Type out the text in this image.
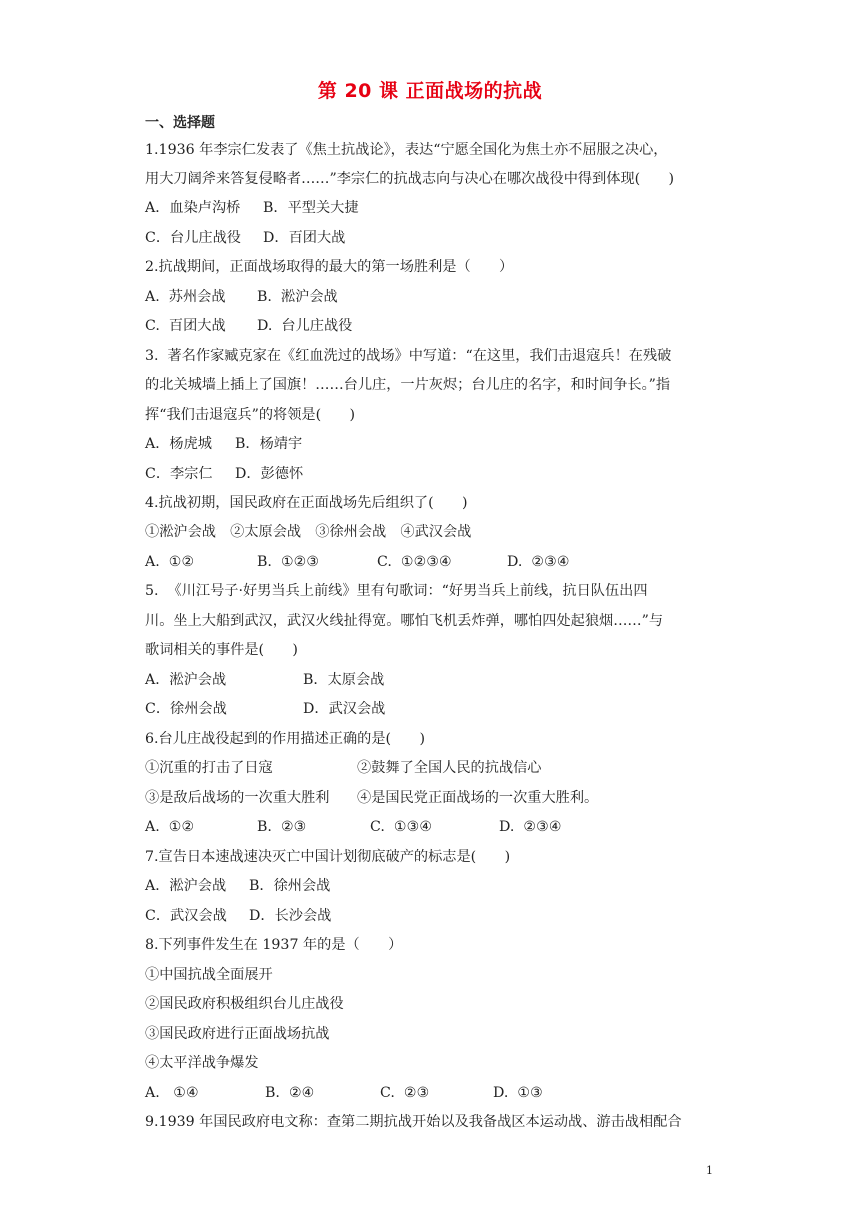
第 20 课 正面战场的抗战
一、选择题
1.1936 年李宗仁发表了《焦土抗战论》，表达“宁愿全国化为焦土亦不屈服之决心，
用大刀阔斧来答复侵略者……”李宗仁的抗战志向与决心在哪次战役中得到体现(　　)
A．血染卢沟桥 B．平型关大捷
C．台儿庄战役 D．百团大战
2.抗战期间，正面战场取得的最大的第一场胜利是（　　）
A.  苏州会战 B.  淞沪会战
C.  百团大战 D.  台儿庄战役
3.  著名作家臧克家在《红血洗过的战场》中写道：“在这里，我们击退寇兵！在残破
的北关城墙上插上了国旗！……台儿庄，一片灰烬；台儿庄的名字，和时间争长。”指
挥“我们击退寇兵”的将领是(　　)
A．杨虎城 B．杨靖宇
C．李宗仁 D．彭德怀
4.抗战初期，国民政府在正面战场先后组织了(　　)
①淞沪会战　②太原会战　③徐州会战　④武汉会战
A.  ①②	B.  ①②③	C.  ①②③④	D.  ②③④
5.  《川江号子·好男当兵上前线》里有句歌词：“好男当兵上前线，抗日队伍出四
川。坐上大船到武汉，武汉火线扯得宽。哪怕飞机丢炸弹，哪怕四处起狼烟……”与
歌词相关的事件是(　　)
A．淞沪会战	B．太原会战
C．徐州会战	D．武汉会战
6.台儿庄战役起到的作用描述正确的是(　　)
①沉重的打击了日寇	②鼓舞了全国人民的抗战信心
③是敌后战场的一次重大胜利 ④是国民党正面战场的一次重大胜利。
A.  ①②	B.  ②③	C.  ①③④	D.  ②③④
7.宣告日本速战速决灭亡中国计划彻底破产的标志是(　　)
A．淞沪会战 B．徐州会战
C．武汉会战 D．长沙会战
8.下列事件发生在 1937 年的是（　　）
①中国抗战全面展开
②国民政府积极组织台儿庄战役
③国民政府进行正面战场抗战
④太平洋战争爆发
A.   ①④	B.  ②④	C.  ②③	D.  ①③
9.1939 年国民政府电文称：查第二期抗战开始以及我备战区本运动战、游击战相配合
1
